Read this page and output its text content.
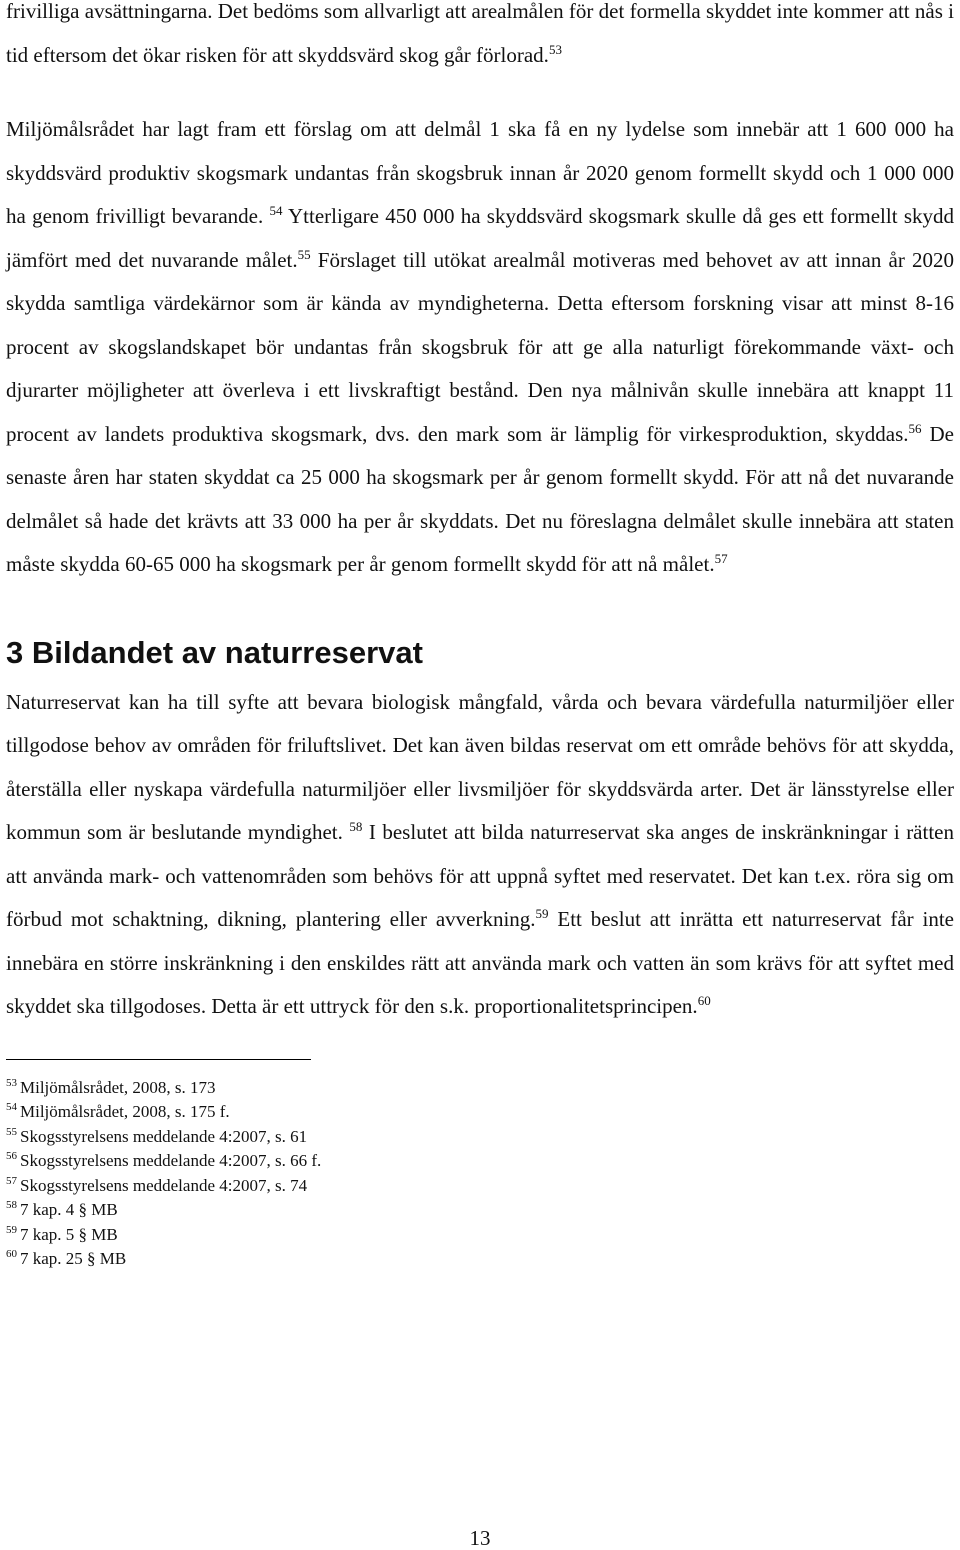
frivilliga avsättningarna. Det bedöms som allvarligt att arealmålen för det formella skyddet inte kommer att nås i tid eftersom det ökar risken för att skyddsvärd skog går förlorad.$^{53}$

Miljömålsrådet har lagt fram ett förslag om att delmål 1 ska få en ny lydelse som innebär att 1 600 000 ha skyddsvärd produktiv skogsmark undantas från skogsbruk innan år 2020 genom formellt skydd och 1 000 000 ha genom frivilligt bevarande. $^{54}$ Ytterligare 450 000 ha skyddsvärd skogsmark skulle då ges ett formellt skydd jämfört med det nuvarande målet.$^{55}$ Förslaget till utökat arealmål motiveras med behovet av att innan år 2020 skydda samtliga värdekärnor som är kända av myndigheterna. Detta eftersom forskning visar att minst 8-16 procent av skogslandskapet bör undantas från skogsbruk för att ge alla naturligt förekommande växt- och djurarter möjligheter att överleva i ett livskraftigt bestånd. Den nya målnivån skulle innebära att knappt 11 procent av landets produktiva skogsmark, dvs. den mark som är lämplig för virkesproduktion, skyddas.$^{56}$ De senaste åren har staten skyddat ca 25 000 ha skogsmark per år genom formellt skydd. För att nå det nuvarande delmålet så hade det krävts att 33 000 ha per år skyddats. Det nu föreslagna delmålet skulle innebära att staten måste skydda 60-65 000 ha skogsmark per år genom formellt skydd för att nå målet.$^{57}$

3 Bildandet av naturreservat

Naturreservat kan ha till syfte att bevara biologisk mångfald, vårda och bevara värdefulla naturmiljöer eller tillgodose behov av områden för friluftslivet. Det kan även bildas reservat om ett område behövs för att skydda, återställa eller nyskapa värdefulla naturmiljöer eller livsmiljöer för skyddsvärda arter. Det är länsstyrelse eller kommun som är beslutande myndighet. $^{58}$ I beslutet att bilda naturreservat ska anges de inskränkningar i rätten att använda mark- och vattenområden som behövs för att uppnå syftet med reservatet. Det kan t.ex. röra sig om förbud mot schaktning, dikning, plantering eller avverkning.$^{59}$ Ett beslut att inrätta ett naturreservat får inte innebära en större inskränkning i den enskildes rätt att använda mark och vatten än som krävs för att syftet med skyddet ska tillgodoses. Detta är ett uttryck för den s.k. proportionalitetsprincipen.$^{60}$

$^{53}$ Miljömålsrådet, 2008, s. 173
$^{54}$ Miljömålsrådet, 2008, s. 175 f.
$^{55}$ Skogsstyrelsens meddelande 4:2007, s. 61
$^{56}$ Skogsstyrelsens meddelande 4:2007, s. 66 f.
$^{57}$ Skogsstyrelsens meddelande 4:2007, s. 74
$^{58}$ 7 kap. 4 § MB
$^{59}$ 7 kap. 5 § MB
$^{60}$ 7 kap. 25 § MB
13
